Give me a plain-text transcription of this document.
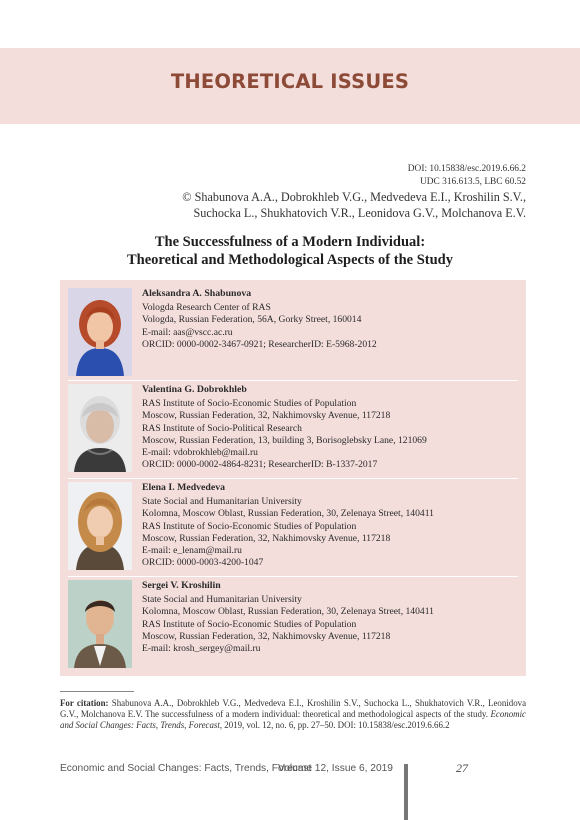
THEORETICAL ISSUES
DOI: 10.15838/esc.2019.6.66.2
UDC 316.613.5, LBC 60.52
© Shabunova A.A., Dobrokhleb V.G., Medvedeva E.I., Kroshilin S.V.,
Suchocka L., Shukhatovich V.R., Leonidova G.V., Molchanova E.V.
The Successfulness of a Modern Individual:
Theoretical and Methodological Aspects of the Study
Aleksandra A. Shabunova
Vologda Research Center of RAS
Vologda, Russian Federation, 56A, Gorky Street, 160014
E-mail: aas@vscc.ac.ru
ORCID: 0000-0002-3467-0921; ResearcherID: E-5968-2012
Valentina G. Dobrokhleb
RAS Institute of Socio-Economic Studies of Population
Moscow, Russian Federation, 32, Nakhimovsky Avenue, 117218
RAS Institute of Socio-Political Research
Moscow, Russian Federation, 13, building 3, Borisoglebsky Lane, 121069
E-mail: vdobrokhleb@mail.ru
ORCID: 0000-0002-4864-8231; ResearcherID: B-1337-2017
Elena I. Medvedeva
State Social and Humanitarian University
Kolomna, Moscow Oblast, Russian Federation, 30, Zelenaya Street, 140411
RAS Institute of Socio-Economic Studies of Population
Moscow, Russian Federation, 32, Nakhimovsky Avenue, 117218
E-mail: e_lenam@mail.ru
ORCID: 0000-0003-4200-1047
Sergei V. Kroshilin
State Social and Humanitarian University
Kolomna, Moscow Oblast, Russian Federation, 30, Zelenaya Street, 140411
RAS Institute of Socio-Economic Studies of Population
Moscow, Russian Federation, 32, Nakhimovsky Avenue, 117218
E-mail: krosh_sergey@mail.ru
For citation: Shabunova A.A., Dobrokhleb V.G., Medvedeva E.I., Kroshilin S.V., Suchocka L., Shukhatovich V.R., Leonidova G.V., Molchanova E.V. The successfulness of a modern individual: theoretical and methodological aspects of the study. Economic and Social Changes: Facts, Trends, Forecast, 2019, vol. 12, no. 6, pp. 27–50. DOI: 10.15838/esc.2019.6.66.2
Economic and Social Changes: Facts, Trends, Forecast
Volume 12, Issue 6, 2019	27
